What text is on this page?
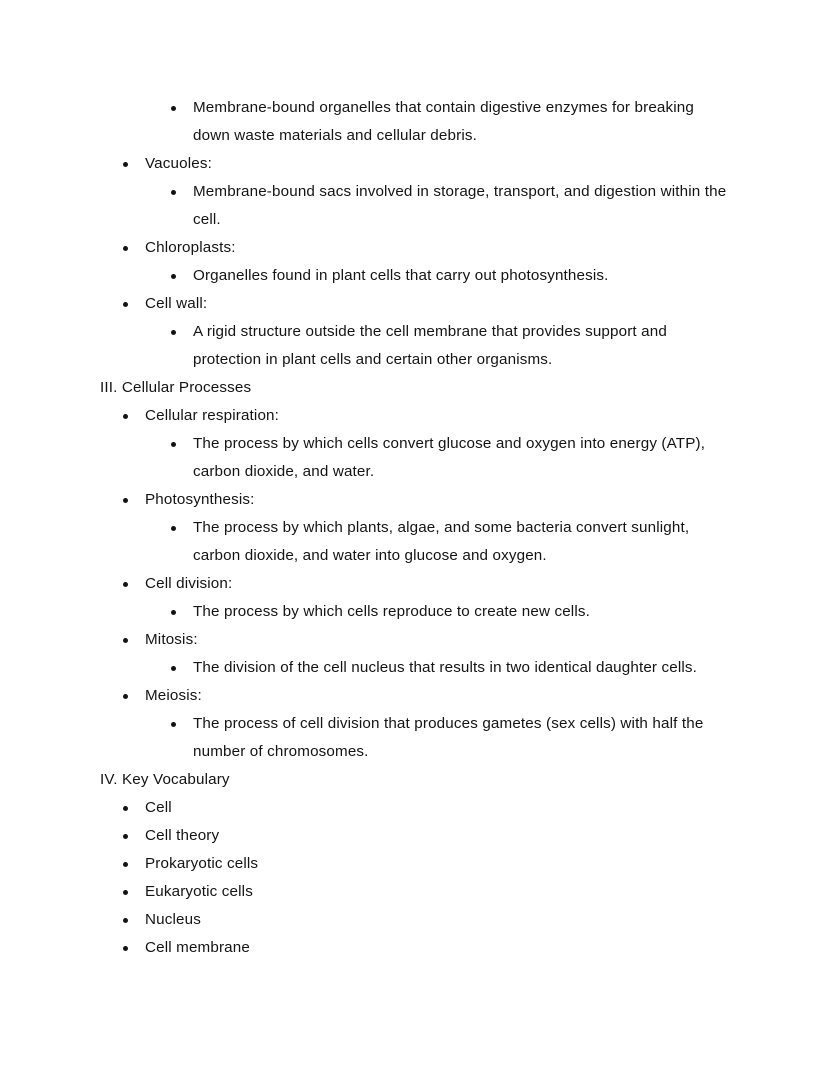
Membrane-bound organelles that contain digestive enzymes for breaking down waste materials and cellular debris.
Vacuoles:
Membrane-bound sacs involved in storage, transport, and digestion within the cell.
Chloroplasts:
Organelles found in plant cells that carry out photosynthesis.
Cell wall:
A rigid structure outside the cell membrane that provides support and protection in plant cells and certain other organisms.
III. Cellular Processes
Cellular respiration:
The process by which cells convert glucose and oxygen into energy (ATP), carbon dioxide, and water.
Photosynthesis:
The process by which plants, algae, and some bacteria convert sunlight, carbon dioxide, and water into glucose and oxygen.
Cell division:
The process by which cells reproduce to create new cells.
Mitosis:
The division of the cell nucleus that results in two identical daughter cells.
Meiosis:
The process of cell division that produces gametes (sex cells) with half the number of chromosomes.
IV. Key Vocabulary
Cell
Cell theory
Prokaryotic cells
Eukaryotic cells
Nucleus
Cell membrane
